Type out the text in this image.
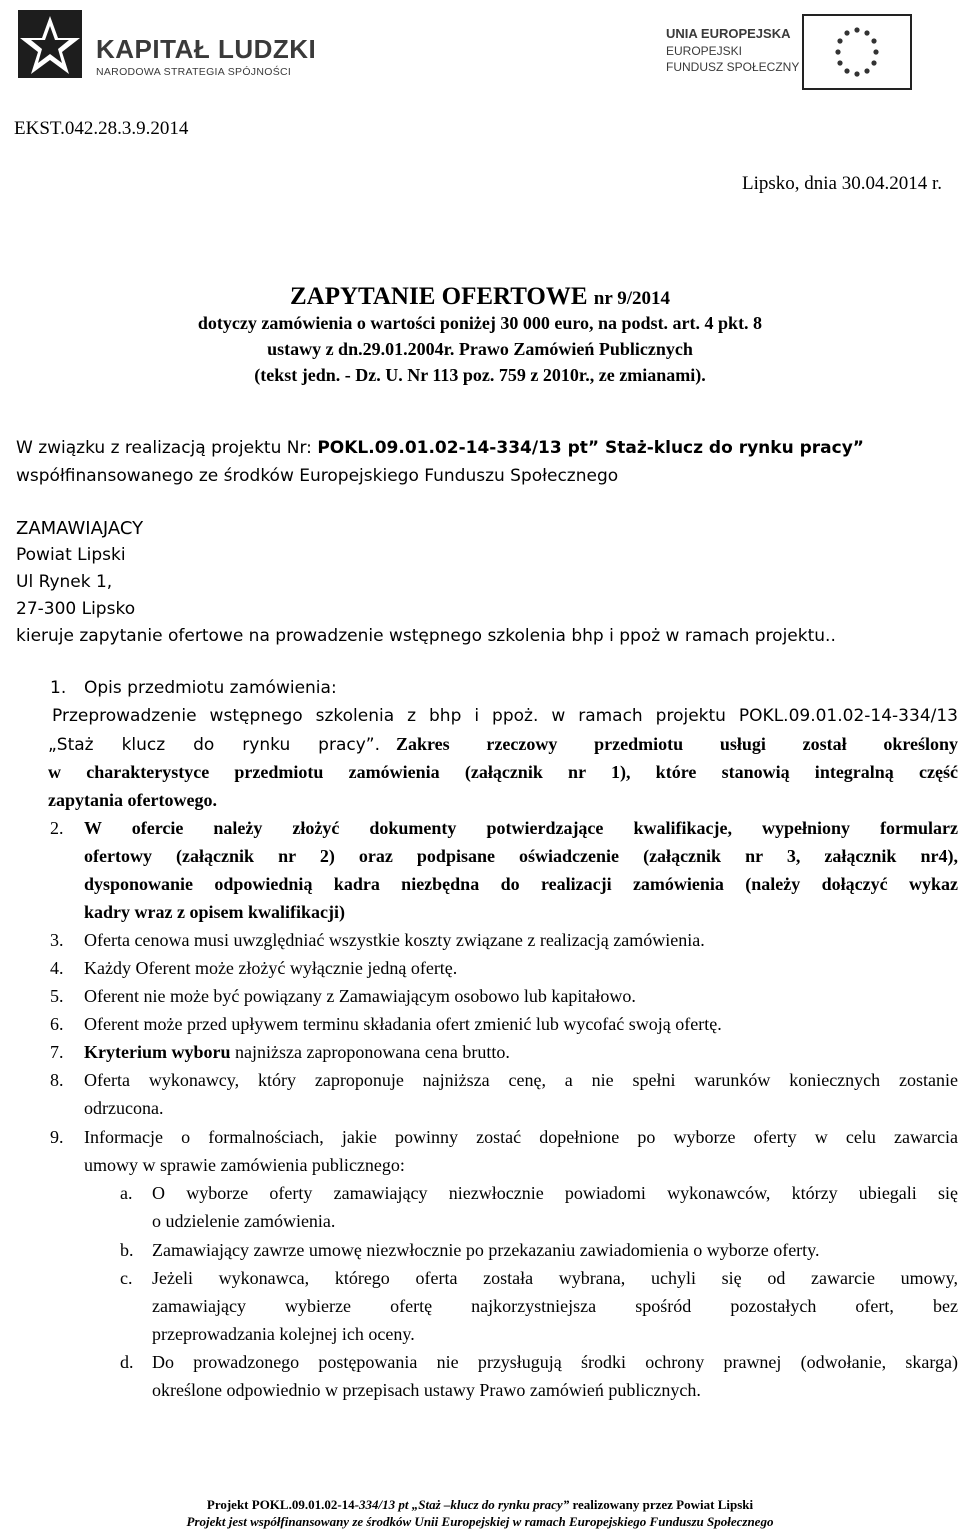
KAPITAŁ LUDZKI
NARODOWA STRATEGIA SPÓJNOŚCI
UNIA EUROPEJSKA
EUROPEJSKI
FUNDUSZ SPOŁECZNY
EKST.042.28.3.9.2014
Lipsko, dnia 30.04.2014 r.
ZAPYTANIE OFERTOWE nr 9/2014
dotyczy zamówienia o wartości poniżej 30 000 euro, na podst. art. 4 pkt. 8
ustawy z dn.29.01.2004r. Prawo Zamówień Publicznych
(tekst jedn. - Dz. U. Nr 113 poz. 759 z 2010r., ze zmianami).
W związku z realizacją projektu Nr: POKL.09.01.02-14-334/13 pt” Staż-klucz do rynku pracy”
współfinansowanego ze środków Europejskiego Funduszu Społecznego
ZAMAWIAJACY
Powiat Lipski
Ul Rynek 1,
27-300 Lipsko
kieruje zapytanie ofertowe na prowadzenie wstępnego szkolenia bhp i ppoż w ramach projektu..
1. Opis przedmiotu zamówienia:
Przeprowadzenie wstępnego szkolenia z bhp i ppoż. w ramach projektu POKL.09.01.02-14-334/13
„Staż klucz do rynku pracy”. Zakres rzeczowy przedmiotu usługi został określony
w charakterystyce przedmiotu zamówienia (załącznik nr 1), które stanowią integralną część
zapytania ofertowego.
2. W ofercie należy złożyć dokumenty potwierdzające kwalifikacje, wypełniony formularz
ofertowy (załącznik nr 2) oraz podpisane oświadczenie (załącznik nr 3, załącznik nr4),
dysponowanie odpowiednią kadra niezbędna do realizacji zamówienia (należy dołączyć wykaz
kadry wraz z opisem kwalifikacji)
3. Oferta cenowa musi uwzględniać wszystkie koszty związane z realizacją zamówienia.
4. Każdy Oferent może złożyć wyłącznie jedną ofertę.
5. Oferent nie może być powiązany z Zamawiającym osobowo lub kapitałowo.
6. Oferent może przed upływem terminu składania ofert zmienić lub wycofać swoją ofertę.
7. Kryterium wyboru najniższa zaproponowana cena brutto.
8. Oferta wykonawcy, który zaproponuje najniższa cenę, a nie spełni warunków koniecznych zostanie
odrzucona.
9. Informacje o formalnościach, jakie powinny zostać dopełnione po wyborze oferty w celu zawarcia
umowy w sprawie zamówienia publicznego:
a. O wyborze oferty zamawiający niezwłocznie powiadomi wykonawców, którzy ubiegali się
o udzielenie zamówienia.
b. Zamawiający zawrze umowę niezwłocznie po przekazaniu zawiadomienia o wyborze oferty.
c. Jeżeli wykonawca, którego oferta została wybrana, uchyli się od zawarcie umowy,
zamawiający wybierze ofertę najkorzystniejsza spośród pozostałych ofert, bez
przeprowadzania kolejnej ich oceny.
d. Do prowadzonego postępowania nie przysługują środki ochrony prawnej (odwołanie, skarga)
określone odpowiednio w przepisach ustawy Prawo zamówień publicznych.
Projekt POKL.09.01.02-14-334/13 pt „Staż –klucz do rynku pracy” realizowany przez Powiat Lipski
Projekt jest współfinansowany ze środków Unii Europejskiej w ramach Europejskiego Funduszu Społecznego
